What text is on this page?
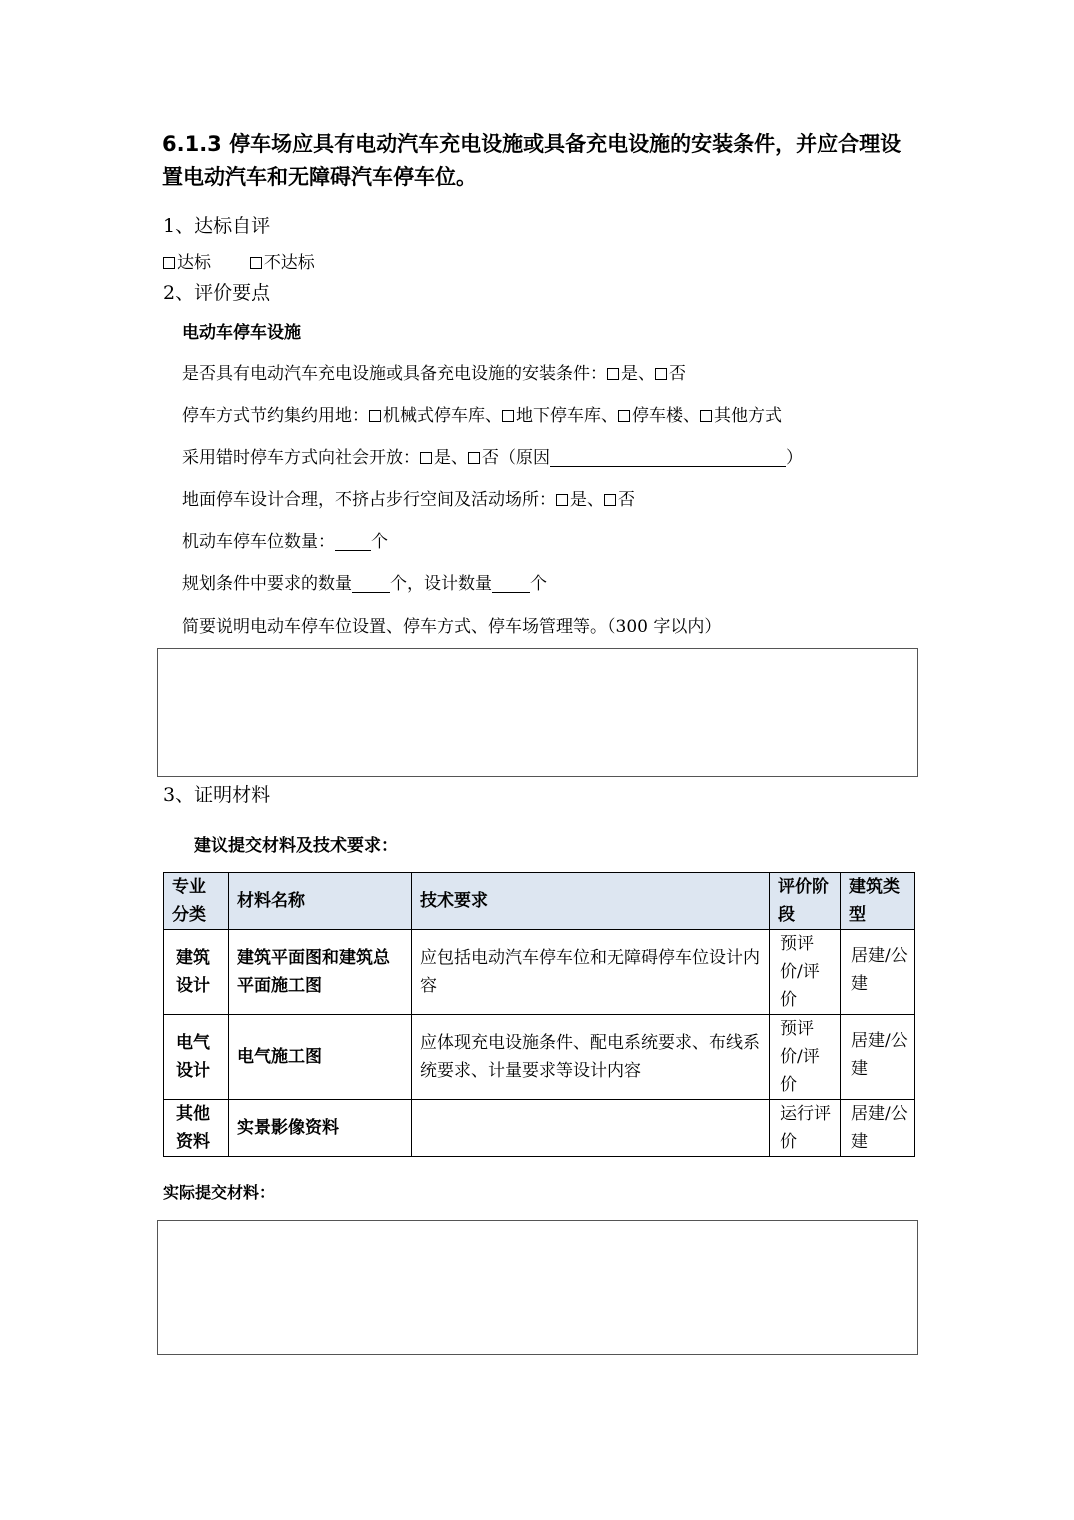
6.1.3 停车场应具有电动汽车充电设施或具备充电设施的安装条件，并应合理设置电动汽车和无障碍汽车停车位。
1、达标自评
达标	不达标
2、评价要点
电动车停车设施
是否具有电动汽车充电设施或具备充电设施的安装条件： 是、 否
停车方式节约集约用地： 机械式停车库、 地下停车库、 停车楼、 其他方式
采用错时停车方式向社会开放： 是、 否（原因	）
地面停车设计合理，不挤占步行空间及活动场所： 是、 否
机动车停车位数量： 个
规划条件中要求的数量 个，设计数量 个
简要说明电动车停车位设置、停车方式、停车场管理等。（300 字以内）
3、证明材料
建议提交材料及技术要求：
专业分类	材料名称	技术要求	评价阶段	建筑类型

建筑设计	建筑平面图和建筑总平面施工图	应包括电动汽车停车位和无障碍停车位设计内容	预评价/评价	居建/公建

电气设计	电气施工图	应体现充电设施条件、配电系统要求、布线系统要求、计量要求等设计内容	预评价/评价	居建/公建

其他资料	实景影像资料		运行评价	居建/公建
实际提交材料：
